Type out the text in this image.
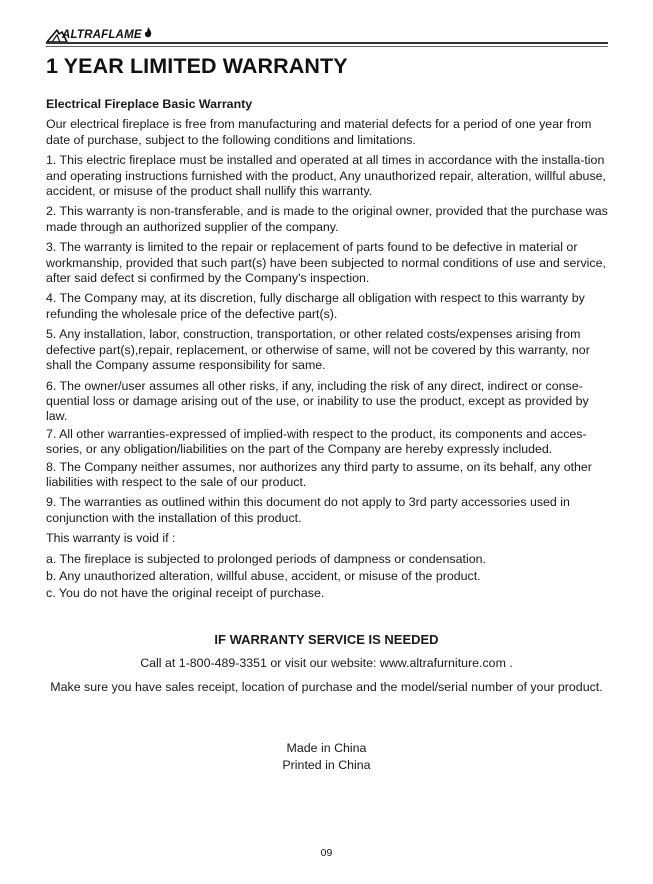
ALTRAFLAME
1 YEAR LIMITED WARRANTY

Electrical Fireplace Basic Warranty

Our electrical fireplace is free from manufacturing and material defects for a period of one year from date of purchase, subject to the following conditions and limitations.

1. This electric fireplace must be installed and operated at all times in accordance with the installa-tion and operating instructions furnished with the product, Any unauthorized repair, alteration, willful abuse, accident, or misuse of the product shall nullify this warranty.

2. This warranty is non-transferable, and is made to the original owner, provided that the purchase was made through an authorized supplier of the company.

3. The warranty is limited to the repair or replacement of parts found to be defective in material or workmanship, provided that such part(s) have been subjected to normal conditions of use and service, after said defect si confirmed by the Company's inspection.

4. The Company may, at its discretion, fully discharge all obligation with respect to this warranty by refunding the wholesale price of the defective part(s).

5. Any installation, labor, construction, transportation, or other related costs/expenses arising from defective part(s),repair, replacement, or otherwise of same, will not be covered by this warranty, nor shall the Company assume responsibility for same.

6. The owner/user assumes all other risks, if any, including the risk of any direct, indirect or conse-quential loss or damage arising out of the use, or inability to use the product, except as provided by law.

7. All other warranties-expressed of implied-with respect to the product, its components and acces-sories, or any obligation/liabilities on the part of the Company are hereby expressly included.

8. The Company neither assumes, nor authorizes any third party to assume, on its behalf, any other liabilities with respect to the sale of our product.

9. The warranties as outlined within this document do not apply to 3rd party accessories used in conjunction with the installation of this product.

This warranty is void if :

a. The fireplace is subjected to prolonged periods of dampness or condensation.

b. Any unauthorized alteration, willful abuse, accident, or misuse of the product.

c. You do not have the original receipt of purchase.

IF WARRANTY SERVICE IS NEEDED
Call at 1-800-489-3351 or visit our website: www.altrafurniture.com .
Make sure you have sales receipt, location of purchase and the model/serial number of your product.
Made in China
Printed in China
09
